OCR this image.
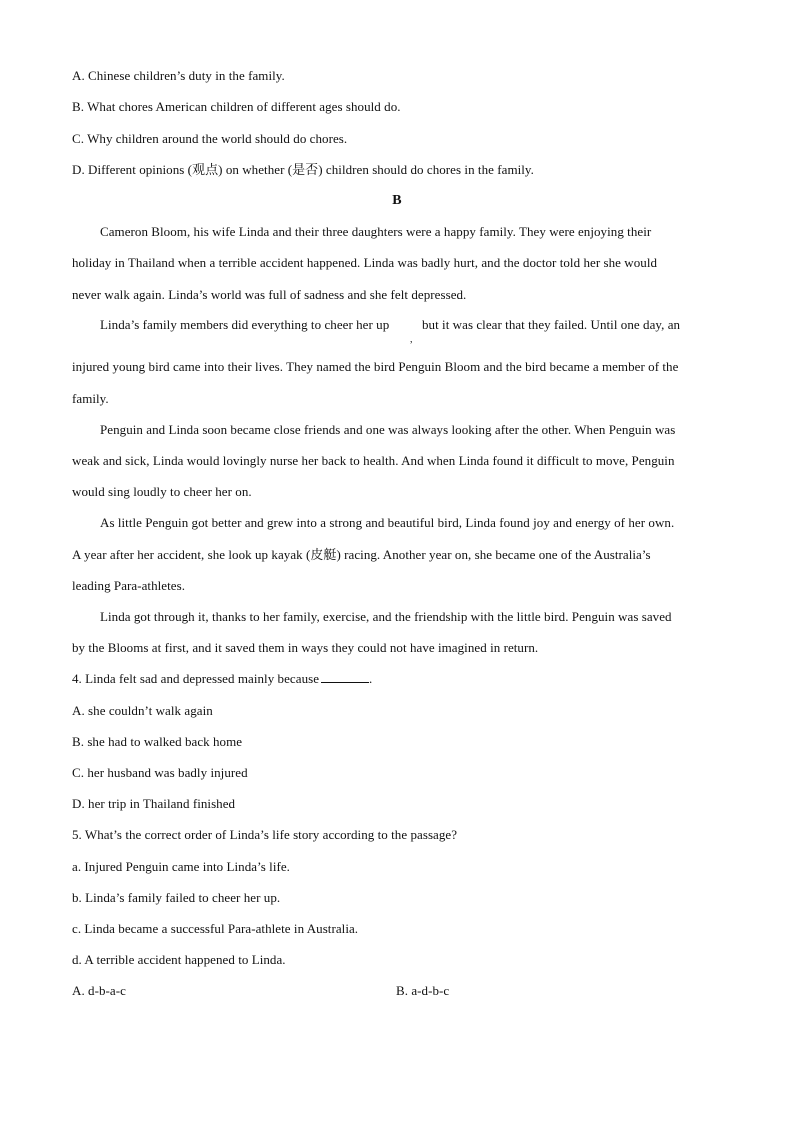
A. Chinese children’s duty in the family.
B. What chores American children of different ages should do.
C. Why children around the world should do chores.
D. Different opinions (观点) on whether (是否) children should do chores in the family.
B
Cameron Bloom, his wife Linda and their three daughters were a happy family. They were enjoying their
holiday in Thailand when a terrible accident happened. Linda was badly hurt, and the doctor told her she would
never walk again. Linda’s world was full of sadness and she felt depressed.
Linda’s family members did everything to cheer her up
,
but it was clear that they failed. Until one day, an
injured young bird came into their lives. They named the bird Penguin Bloom and the bird became a member of the
family.
Penguin and Linda soon became close friends and one was always looking after the other. When Penguin was
weak and sick, Linda would lovingly nurse her back to health. And when Linda found it difficult to move, Penguin
would sing loudly to cheer her on.
As little Penguin got better and grew into a strong and beautiful bird, Linda found joy and energy of her own.
A year after her accident, she look up kayak (皮艇) racing. Another year on, she became one of the Australia’s
leading Para-athletes.
Linda got through it, thanks to her family, exercise, and the friendship with the little bird. Penguin was saved
by the Blooms at first, and it saved them in ways they could not have imagined in return.
4. Linda felt sad and depressed mainly because	.
A. she couldn’t walk again
B. she had to walked back home
C. her husband was badly injured
D. her trip in Thailand finished
5. What’s the correct order of Linda’s life story according to the passage?
a. Injured Penguin came into Linda’s life.
b. Linda’s family failed to cheer her up.
c. Linda became a successful Para-athlete in Australia.
d. A terrible accident happened to Linda.
A. d-b-a-c	B. a-d-b-c
